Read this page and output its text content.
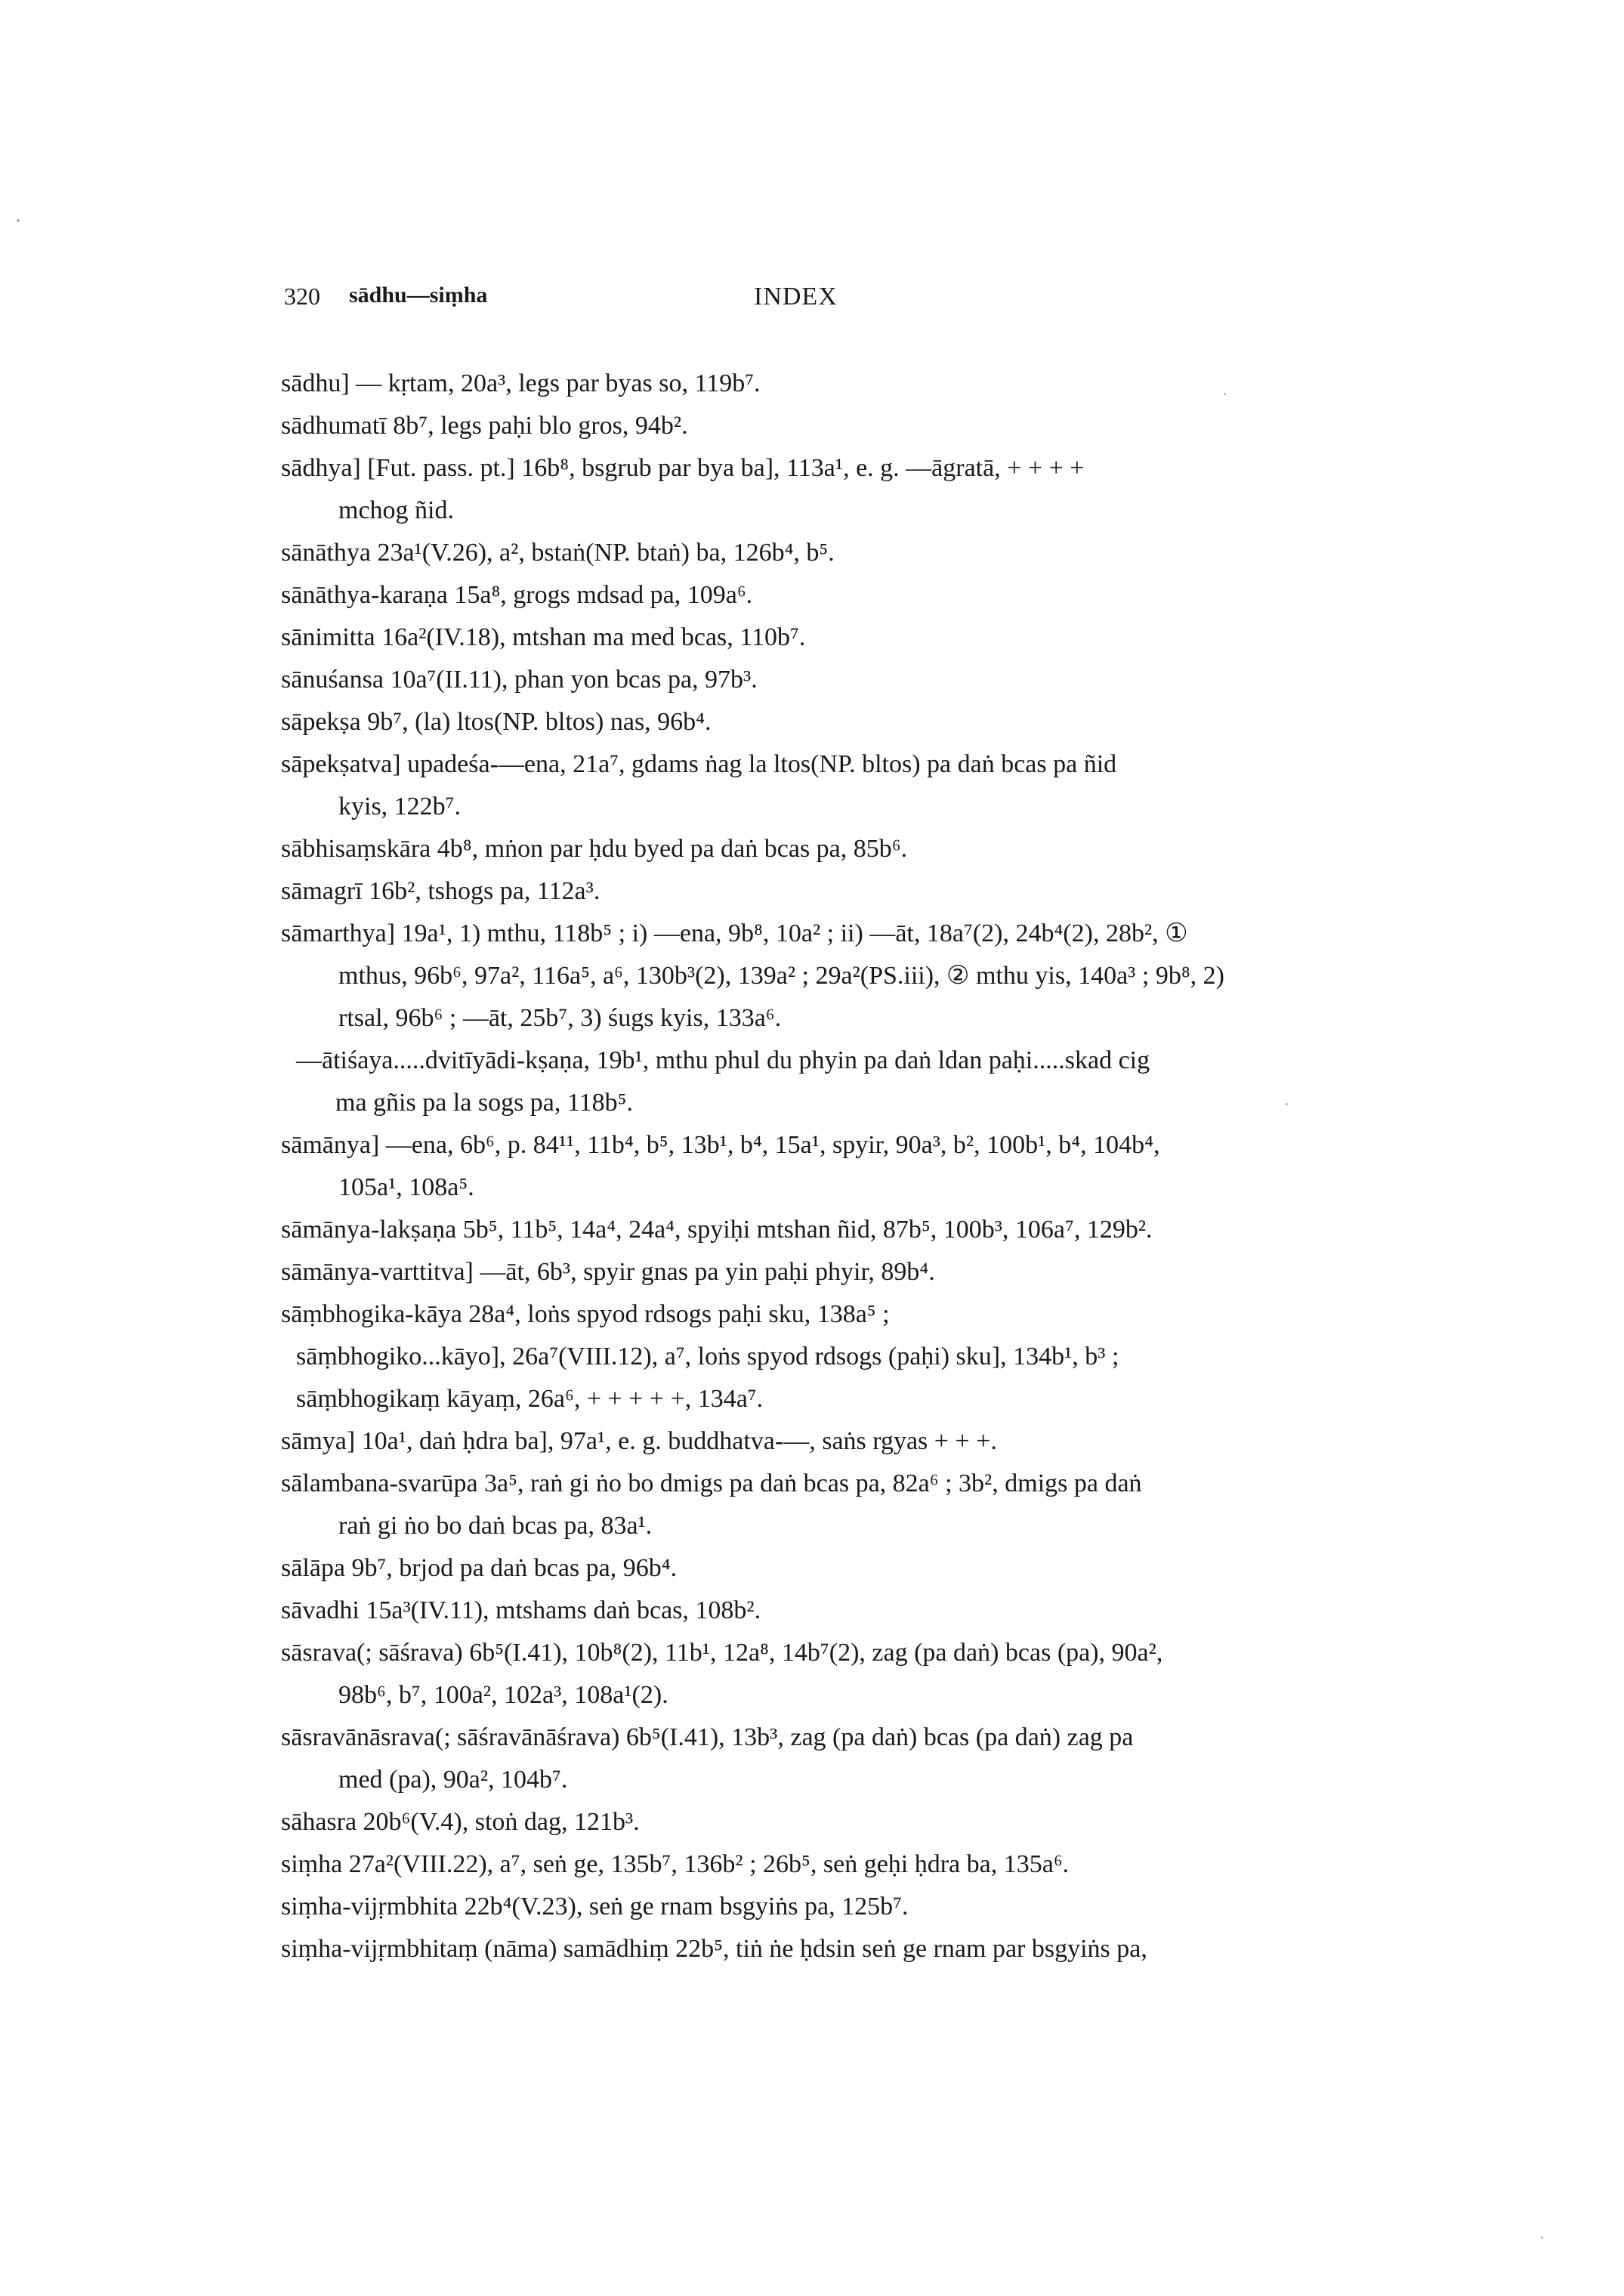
320 sādhu—siṃha	INDEX
sādhu] — kṛtam, 20a³, legs par byas so, 119b⁷.
sādhumatī 8b⁷, legs paḥi blo gros, 94b².
sādhya] [Fut. pass. pt.] 16b⁸, bsgrub par bya ba], 113a¹, e. g. —āgratā, + + + +
mchog ñid.
sānāthya 23a¹(V.26), a², bstaṅ(NP. btaṅ) ba, 126b⁴, b⁵.
sānāthya-karaṇa 15a⁸, grogs mdsad pa, 109a⁶.
sānimitta 16a²(IV.18), mtshan ma med bcas, 110b⁷.
sānuśansa 10a⁷(II.11), phan yon bcas pa, 97b³.
sāpekṣa 9b⁷, (la) ltos(NP. bltos) nas, 96b⁴.
sāpekṣatva] upadeśa-—ena, 21a⁷, gdams ṅag la ltos(NP. bltos) pa daṅ bcas pa ñid
kyis, 122b⁷.
sābhisaṃskāra 4b⁸, mṅon par ḥdu byed pa daṅ bcas pa, 85b⁶.
sāmagrī 16b², tshogs pa, 112a³.
sāmarthya] 19a¹, 1) mthu, 118b⁵ ; i) —ena, 9b⁸, 10a² ; ii) —āt, 18a⁷(2), 24b⁴(2), 28b², ①
mthus, 96b⁶, 97a², 116a⁵, a⁶, 130b³(2), 139a² ; 29a²(PS.iii), ② mthu yis, 140a³ ; 9b⁸, 2)
rtsal, 96b⁶ ; —āt, 25b⁷, 3) śugs kyis, 133a⁶.
—ātiśaya.....dvitīyādi-kṣaṇa, 19b¹, mthu phul du phyin pa daṅ ldan paḥi.....skad cig
ma gñis pa la sogs pa, 118b⁵.
sāmānya] —ena, 6b⁶, p. 84¹¹, 11b⁴, b⁵, 13b¹, b⁴, 15a¹, spyir, 90a³, b², 100b¹, b⁴, 104b⁴,
105a¹, 108a⁵.
sāmānya-lakṣaṇa 5b⁵, 11b⁵, 14a⁴, 24a⁴, spyiḥi mtshan ñid, 87b⁵, 100b³, 106a⁷, 129b².
sāmānya-varttitva] —āt, 6b³, spyir gnas pa yin paḥi phyir, 89b⁴.
sāṃbhogika-kāya 28a⁴, loṅs spyod rdsogs paḥi sku, 138a⁵ ;
sāṃbhogiko...kāyo], 26a⁷(VIII.12), a⁷, loṅs spyod rdsogs (paḥi) sku], 134b¹, b³ ;
sāṃbhogikaṃ kāyaṃ, 26a⁶, + + + + +, 134a⁷.
sāmya] 10a¹, daṅ ḥdra ba], 97a¹, e. g. buddhatva-—, saṅs rgyas + + +.
sālambana-svarūpa 3a⁵, raṅ gi ṅo bo dmigs pa daṅ bcas pa, 82a⁶ ; 3b², dmigs pa daṅ
raṅ gi ṅo bo daṅ bcas pa, 83a¹.
sālāpa 9b⁷, brjod pa daṅ bcas pa, 96b⁴.
sāvadhi 15a³(IV.11), mtshams daṅ bcas, 108b².
sāsrava(; sāśrava) 6b⁵(I.41), 10b⁸(2), 11b¹, 12a⁸, 14b⁷(2), zag (pa daṅ) bcas (pa), 90a²,
98b⁶, b⁷, 100a², 102a³, 108a¹(2).
sāsravānāsrava(; sāśravānāśrava) 6b⁵(I.41), 13b³, zag (pa daṅ) bcas (pa daṅ) zag pa
med (pa), 90a², 104b⁷.
sāhasra 20b⁶(V.4), stoṅ dag, 121b³.
siṃha 27a²(VIII.22), a⁷, seṅ ge, 135b⁷, 136b² ; 26b⁵, seṅ geḥi ḥdra ba, 135a⁶.
siṃha-vijṛmbhita 22b⁴(V.23), seṅ ge rnam bsgyiṅs pa, 125b⁷.
siṃha-vijṛmbhitaṃ (nāma) samādhiṃ 22b⁵, tiṅ ṅe ḥdsin seṅ ge rnam par bsgyiṅs pa,
